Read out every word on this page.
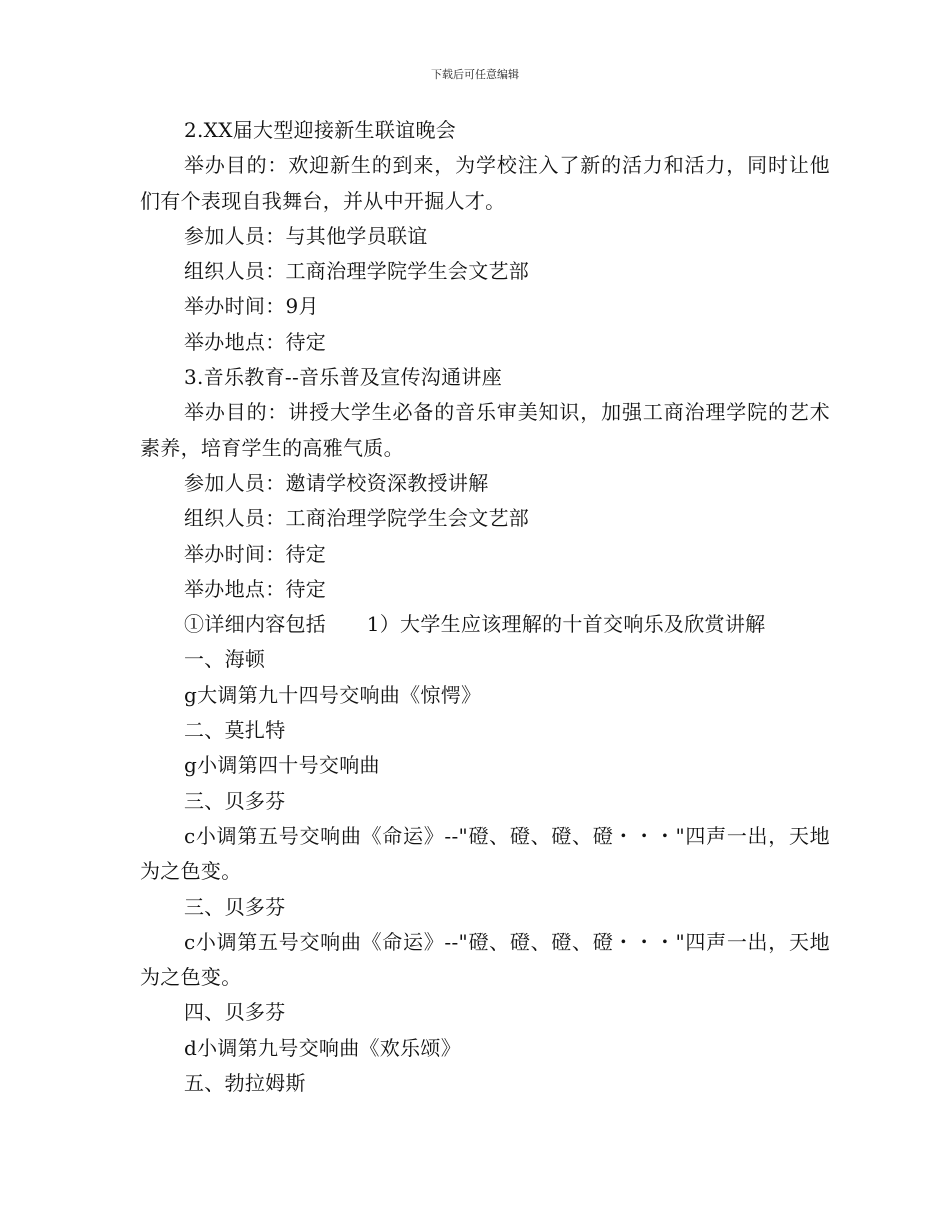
下载后可任意编辑

2.XX届大型迎接新生联谊晚会

举办目的：欢迎新生的到来，为学校注入了新的活力和活力，同时让他们有个表现自我舞台，并从中开掘人才。

参加人员：与其他学员联谊

组织人员：工商治理学院学生会文艺部

举办时间：9月

举办地点：待定

3.音乐教育--音乐普及宣传沟通讲座

举办目的：讲授大学生必备的音乐审美知识，加强工商治理学院的艺术素养，培育学生的高雅气质。

参加人员：邀请学校资深教授讲解

组织人员：工商治理学院学生会文艺部

举办时间：待定

举办地点：待定

①详细内容包括　　1）大学生应该理解的十首交响乐及欣赏讲解

一、海顿

g大调第九十四号交响曲《惊愕》

二、莫扎特

g小调第四十号交响曲

三、贝多芬

c小调第五号交响曲《命运》--"磴、磴、磴、磴・・・"四声一出，天地为之色变。

三、贝多芬

c小调第五号交响曲《命运》--"磴、磴、磴、磴・・・"四声一出，天地为之色变。

四、贝多芬

d小调第九号交响曲《欢乐颂》

五、勃拉姆斯
